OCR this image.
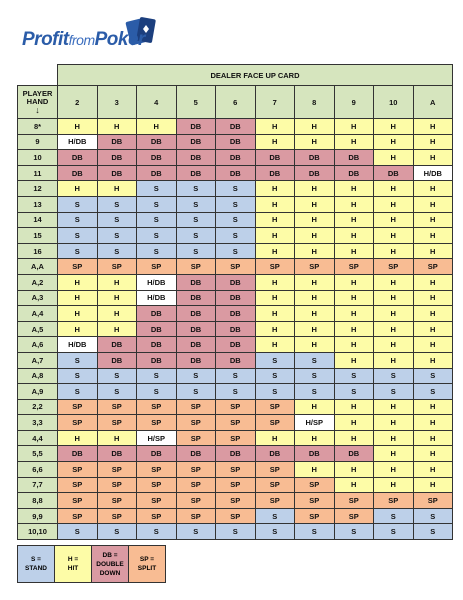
ProfitfromPoker
	DEALER FACE UP CARD									
PLAYER HAND
↓	2	3	4	5	6	7	8	9	10	A
8*	H	H	H	DB	DB	H	H	H	H	H
9	H/DB	DB	DB	DB	DB	H	H	H	H	H
10	DB	DB	DB	DB	DB	DB	DB	DB	H	H
11	DB	DB	DB	DB	DB	DB	DB	DB	DB	H/DB
12	H	H	S	S	S	H	H	H	H	H
13	S	S	S	S	S	H	H	H	H	H
14	S	S	S	S	S	H	H	H	H	H
15	S	S	S	S	S	H	H	H	H	H
16	S	S	S	S	S	H	H	H	H	H
A,A	SP	SP	SP	SP	SP	SP	SP	SP	SP	SP
A,2	H	H	H/DB	DB	DB	H	H	H	H	H
A,3	H	H	H/DB	DB	DB	H	H	H	H	H
A,4	H	H	DB	DB	DB	H	H	H	H	H
A,5	H	H	DB	DB	DB	H	H	H	H	H
A,6	H/DB	DB	DB	DB	DB	H	H	H	H	H
A,7	S	DB	DB	DB	DB	S	S	H	H	H
A,8	S	S	S	S	S	S	S	S	S	S
A,9	S	S	S	S	S	S	S	S	S	S
2,2	SP	SP	SP	SP	SP	SP	H	H	H	H
3,3	SP	SP	SP	SP	SP	SP	H/SP	H	H	H
4,4	H	H	H/SP	SP	SP	H	H	H	H	H
5,5	DB	DB	DB	DB	DB	DB	DB	DB	H	H
6,6	SP	SP	SP	SP	SP	SP	H	H	H	H
7,7	SP	SP	SP	SP	SP	SP	SP	H	H	H
8,8	SP	SP	SP	SP	SP	SP	SP	SP	SP	SP
9,9	SP	SP	SP	SP	SP	S	SP	SP	S	S
10,10	S	S	S	S	S	S	S	S	S	S
S =
STAND	H =
HIT	DB =
DOUBLE DOWN	SP =
SPLIT
